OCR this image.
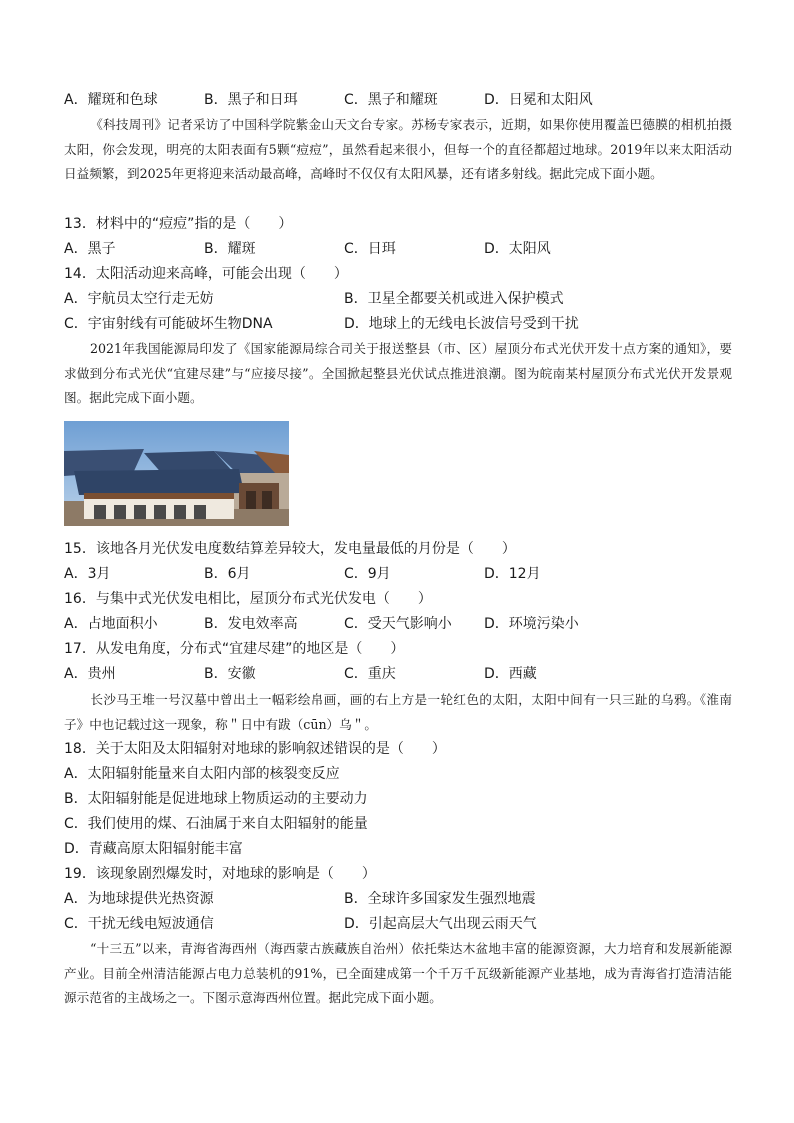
A．耀斑和色球	B．黑子和日珥	C．黑子和耀斑	D．日冕和太阳风
《科技周刊》记者采访了中国科学院紫金山天文台专家。苏杨专家表示，近期，如果你使用覆盖巴德膜的相机拍摄太阳，你会发现，明亮的太阳表面有5颗“痘痘”，虽然看起来很小，但每一个的直径都超过地球。2019年以来太阳活动日益频繁，到2025年更将迎来活动最高峰，高峰时不仅仅有太阳风暴，还有诸多射线。据此完成下面小题。
13．材料中的“痘痘”指的是（　　）
A．黑子	B．耀斑	C．日珥	D．太阳风
14．太阳活动迎来高峰，可能会出现（　　）
A．宇航员太空行走无妨	B．卫星全都要关机或进入保护模式
C．宇宙射线有可能破坏生物DNA	D．地球上的无线电长波信号受到干扰
2021年我国能源局印发了《国家能源局综合司关于报送整县（市、区）屋顶分布式光伏开发十点方案的通知》，要求做到分布式光伏“宜建尽建”与“应接尽接”。全国掀起整县光伏试点推进浪潮。图为皖南某村屋顶分布式光伏开发景观图。据此完成下面小题。
15．该地各月光伏发电度数结算差异较大，发电量最低的月份是（　　）
A．3月	B．6月	C．9月	D．12月
16．与集中式光伏发电相比，屋顶分布式光伏发电（　　）
A．占地面积小	B．发电效率高	C．受天气影响小 D．环境污染小
17．从发电角度，分布式“宜建尽建”的地区是（　　）
A．贵州	B．安徽	C．重庆	D．西藏
长沙马王堆一号汉墓中曾出土一幅彩绘帛画，画的右上方是一轮红色的太阳，太阳中间有一只三趾的乌鸦。《淮南子》中也记载过这一现象，称＂日中有跋（cūn）乌＂。
18．关于太阳及太阳辐射对地球的影响叙述错误的是（　　）
A．太阳辐射能量来自太阳内部的核裂变反应
B．太阳辐射能是促进地球上物质运动的主要动力
C．我们使用的煤、石油属于来自太阳辐射的能量
D．青藏高原太阳辐射能丰富
19．该现象剧烈爆发时，对地球的影响是（　　）
A．为地球提供光热资源	B．全球许多国家发生强烈地震
C．干扰无线电短波通信	D．引起高层大气出现云雨天气
“十三五”以来，青海省海西州（海西蒙古族藏族自治州）依托柴达木盆地丰富的能源资源，大力培育和发展新能源产业。目前全州清洁能源占电力总装机的91%，已全面建成第一个千万千瓦级新能源产业基地，成为青海省打造清洁能源示范省的主战场之一。下图示意海西州位置。据此完成下面小题。
